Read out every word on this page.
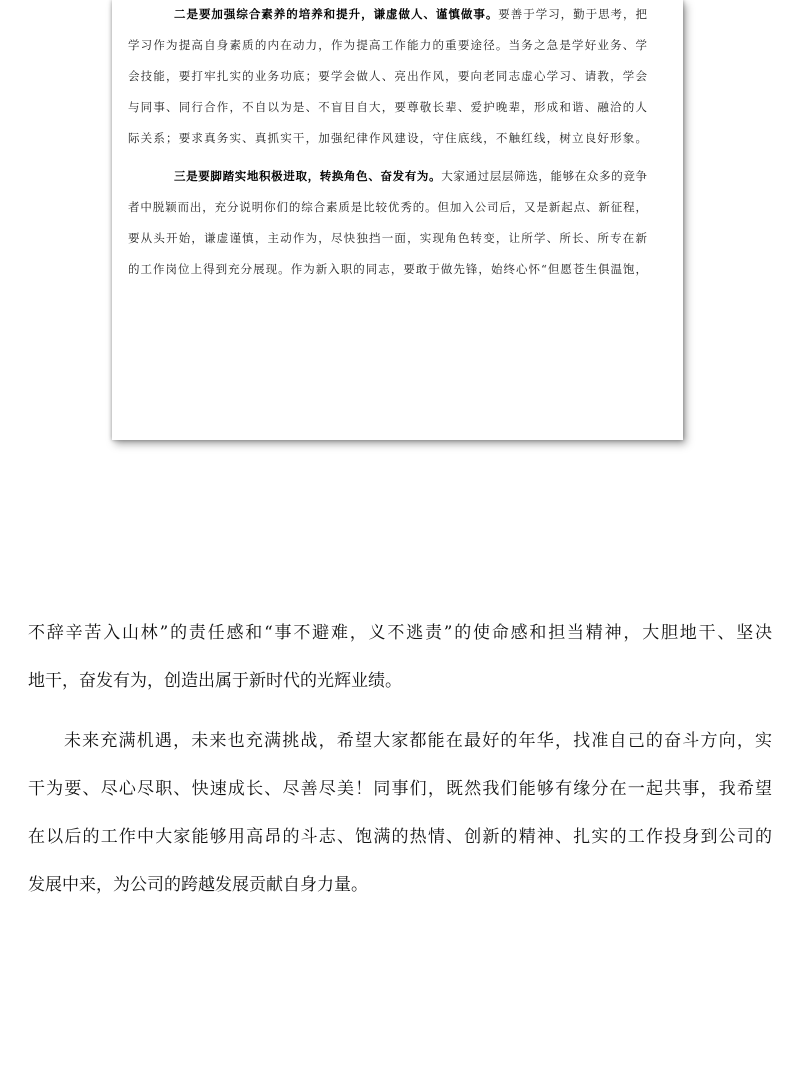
二是要加强综合素养的培养和提升，谦虚做人、谨慎做事。要善于学习，勤于思考，把
学习作为提高自身素质的内在动力，作为提高工作能力的重要途径。当务之急是学好业务、学
会技能，要打牢扎实的业务功底；要学会做人、亮出作风，要向老同志虚心学习、请教，学会
与同事、同行合作，不自以为是、不盲目自大，要尊敬长辈、爱护晚辈，形成和谐、融洽的人
际关系；要求真务实、真抓实干，加强纪律作风建设，守住底线，不触红线，树立良好形象。
三是要脚踏实地积极进取，转换角色、奋发有为。大家通过层层筛选，能够在众多的竞争
者中脱颖而出，充分说明你们的综合素质是比较优秀的。但加入公司后，又是新起点、新征程，
要从头开始，谦虚谨慎，主动作为，尽快独挡一面，实现角色转变，让所学、所长、所专在新
的工作岗位上得到充分展现。作为新入职的同志，要敢于做先锋，始终心怀“但愿苍生俱温饱，
不辞辛苦入山林”的责任感和“事不避难，义不逃责”的使命感和担当精神，大胆地干、坚决
地干，奋发有为，创造出属于新时代的光辉业绩。
未来充满机遇，未来也充满挑战，希望大家都能在最好的年华，找准自己的奋斗方向，实
干为要、尽心尽职、快速成长、尽善尽美！同事们，既然我们能够有缘分在一起共事，我希望
在以后的工作中大家能够用高昂的斗志、饱满的热情、创新的精神、扎实的工作投身到公司的
发展中来，为公司的跨越发展贡献自身力量。
